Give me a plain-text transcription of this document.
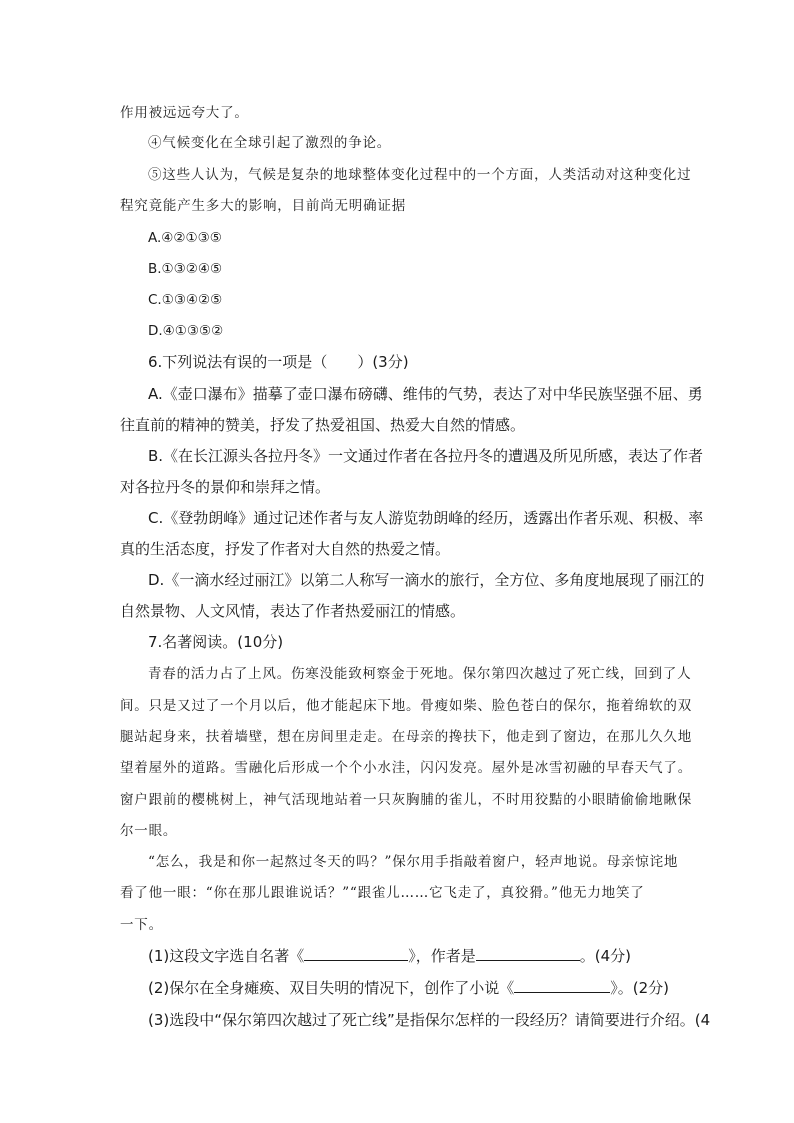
作用被远远夸大了。
④气候变化在全球引起了激烈的争论。
⑤这些人认为，气候是复杂的地球整体变化过程中的一个方面，人类活动对这种变化过
程究竟能产生多大的影响，目前尚无明确证据
A.④②①③⑤
B.①③②④⑤
C.①③④②⑤
D.④①③⑤②
6.下列说法有误的一项是（　　）(3分)
A.《壶口瀑布》描摹了壶口瀑布磅礴、维伟的气势，表达了对中华民族坚强不屈、勇
往直前的精神的赞美，抒发了热爱祖国、热爱大自然的情感。
B.《在长江源头各拉丹冬》一文通过作者在各拉丹冬的遭遇及所见所感，表达了作者
对各拉丹冬的景仰和崇拜之情。
C.《登勃朗峰》通过记述作者与友人游览勃朗峰的经历，透露出作者乐观、积极、率
真的生活态度，抒发了作者对大自然的热爱之情。
D.《一滴水经过丽江》以第二人称写一滴水的旅行，全方位、多角度地展现了丽江的
自然景物、人文风情，表达了作者热爱丽江的情感。
7.名著阅读。(10分)
青春的活力占了上风。伤寒没能致柯察金于死地。保尔第四次越过了死亡线，回到了人
间。只是又过了一个月以后，他才能起床下地。骨瘦如柴、脸色苍白的保尔，拖着绵软的双
腿站起身来，扶着墙壁，想在房间里走走。在母亲的搀扶下，他走到了窗边，在那儿久久地
望着屋外的道路。雪融化后形成一个个小水洼，闪闪发亮。屋外是冰雪初融的早春天气了。
窗户跟前的樱桃树上，神气活现地站着一只灰胸脯的雀儿，不时用狡黠的小眼睛偷偷地瞅保
尔一眼。
“怎么，我是和你一起熬过冬天的吗？”保尔用手指敲着窗户，轻声地说。母亲惊诧地
看了他一眼：“你在那儿跟谁说话？”“跟雀儿……它飞走了，真狡猾。”他无力地笑了
一下。
(1)这段文字选自名著《	》，作者是	。(4分)
(2)保尔在全身瘫痪、双目失明的情况下，创作了小说《	》。(2分)
(3)选段中“保尔第四次越过了死亡线”是指保尔怎样的一段经历？请简要进行介绍。(4
